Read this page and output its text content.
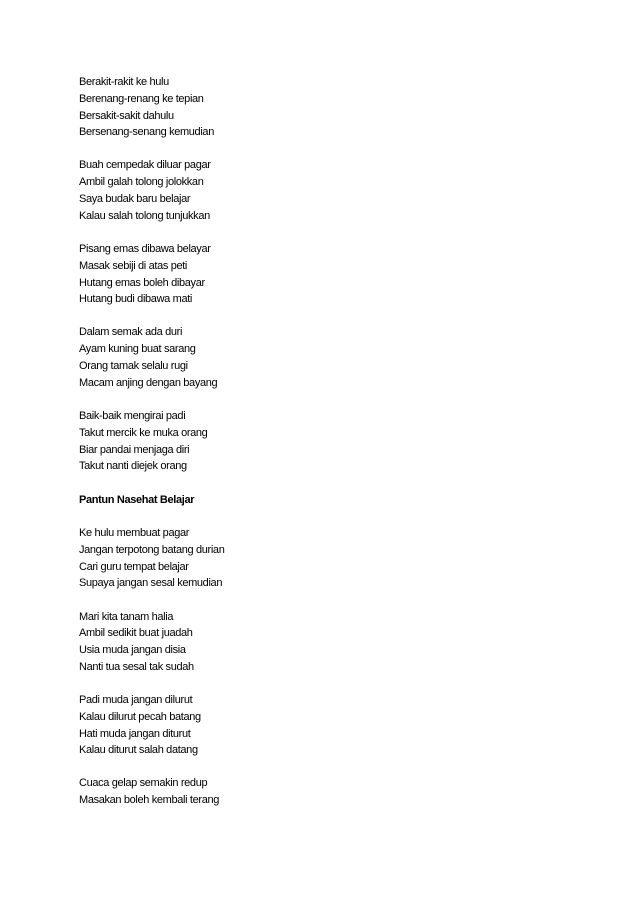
Berakit-rakit ke hulu
Berenang-renang ke tepian
Bersakit-sakit dahulu
Bersenang-senang kemudian
Buah cempedak diluar pagar
Ambil galah tolong jolokkan
Saya budak baru belajar
Kalau salah tolong tunjukkan
Pisang emas dibawa belayar
Masak sebiji di atas peti
Hutang emas boleh dibayar
Hutang budi dibawa mati
Dalam semak ada duri
Ayam kuning buat sarang
Orang tamak selalu rugi
Macam anjing dengan bayang
Baik-baik mengirai padi
Takut mercik ke muka orang
Biar pandai menjaga diri
Takut nanti diejek orang
Pantun Nasehat Belajar
Ke hulu membuat pagar
Jangan terpotong batang durian
Cari guru tempat belajar
Supaya jangan sesal kemudian
Mari kita tanam halia
Ambil sedikit buat juadah
Usia muda jangan disia
Nanti tua sesal tak sudah
Padi muda jangan dilurut
Kalau dilurut pecah batang
Hati muda jangan diturut
Kalau diturut salah datang
Cuaca gelap semakin redup
Masakan boleh kembali terang
